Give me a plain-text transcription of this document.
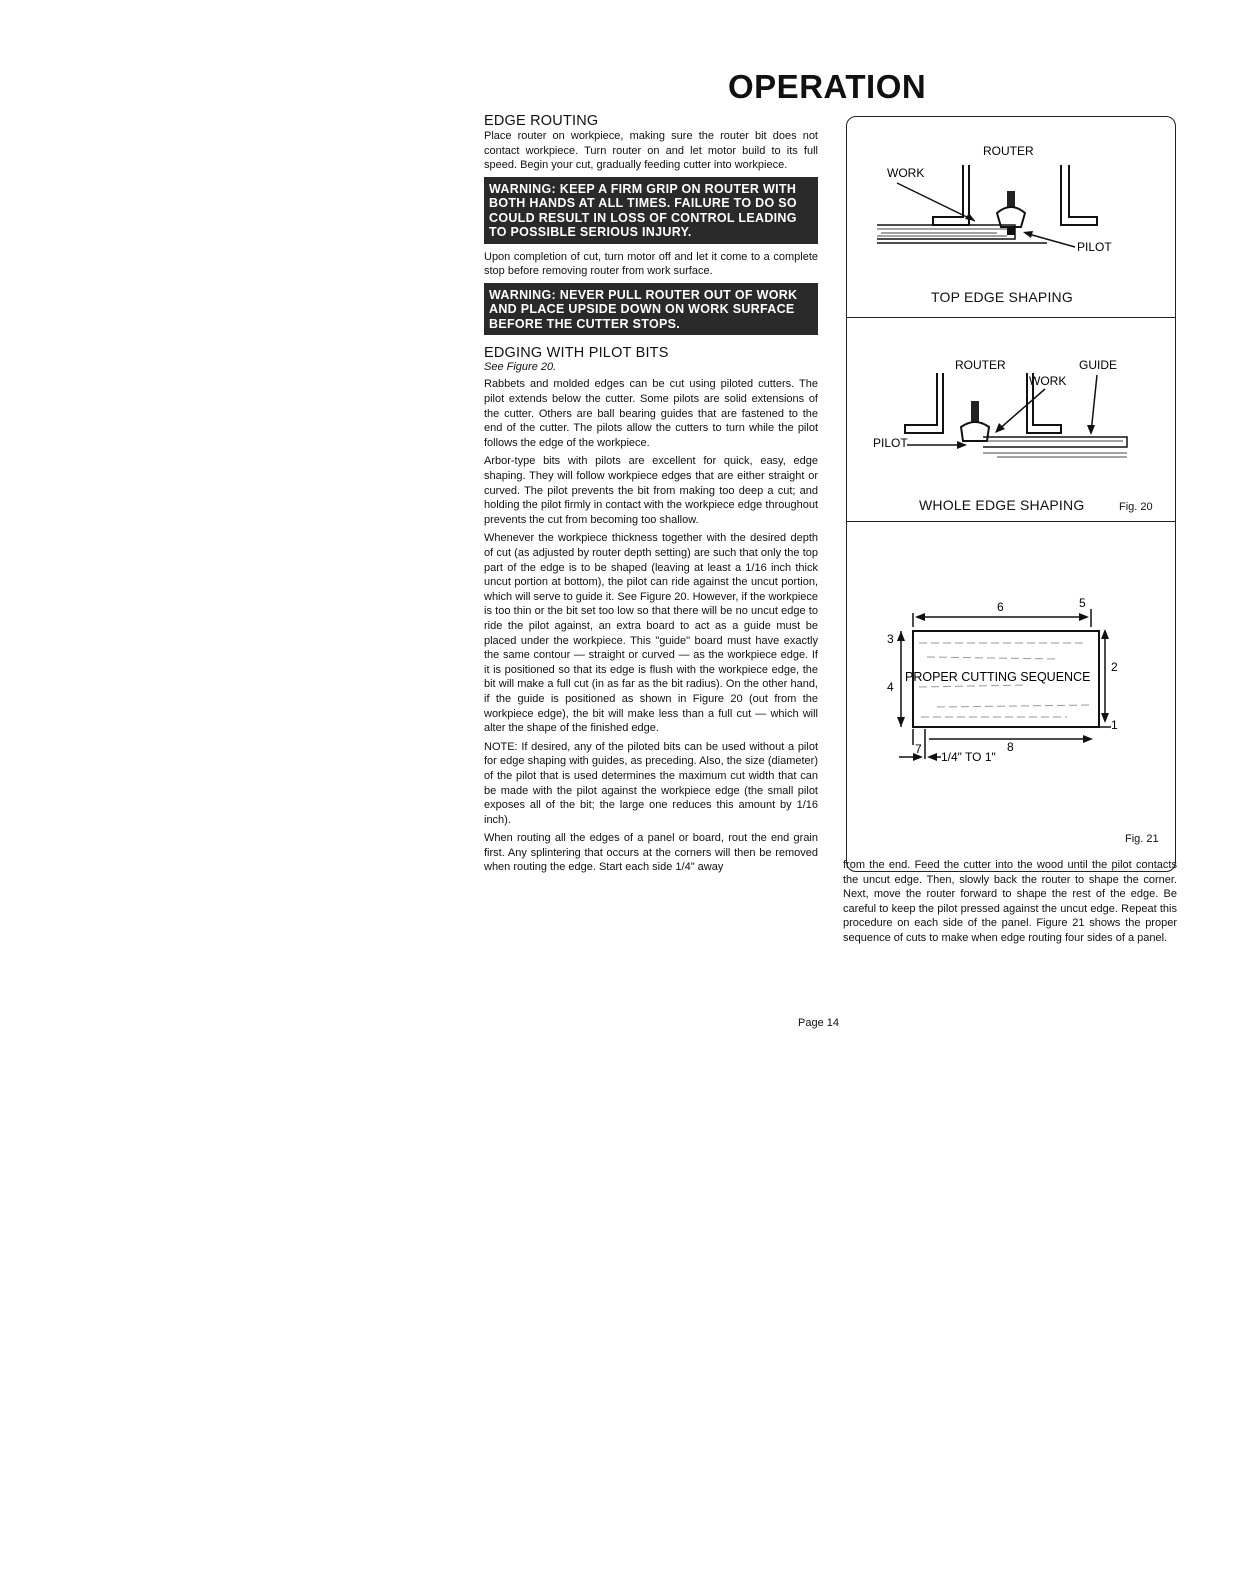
OPERATION
EDGE ROUTING

Place router on workpiece, making sure the router bit does not contact workpiece. Turn router on and let motor build to its full speed. Begin your cut, gradually feeding cutter into workpiece.

WARNING: KEEP A FIRM GRIP ON ROUTER WITH BOTH HANDS AT ALL TIMES. FAILURE TO DO SO COULD RESULT IN LOSS OF CONTROL LEADING TO POSSIBLE SERIOUS INJURY.

Upon completion of cut, turn motor off and let it come to a complete stop before removing router from work surface.

WARNING: NEVER PULL ROUTER OUT OF WORK AND PLACE UPSIDE DOWN ON WORK SURFACE BEFORE THE CUTTER STOPS.
EDGING WITH PILOT BITS
See Figure 20.

Rabbets and molded edges can be cut using piloted cutters. The pilot extends below the cutter. Some pilots are solid extensions of the cutter. Others are ball bearing guides that are fastened to the end of the cutter. The pilots allow the cutters to turn while the pilot follows the edge of the workpiece.

Arbor-type bits with pilots are excellent for quick, easy, edge shaping. They will follow workpiece edges that are either straight or curved. The pilot prevents the bit from making too deep a cut; and holding the pilot firmly in contact with the workpiece edge throughout prevents the cut from becoming too shallow.

Whenever the workpiece thickness together with the desired depth of cut (as adjusted by router depth setting) are such that only the top part of the edge is to be shaped (leaving at least a 1/16 inch thick uncut portion at bottom), the pilot can ride against the uncut portion, which will serve to guide it. See Figure 20. However, if the workpiece is too thin or the bit set too low so that there will be no uncut edge to ride the pilot against, an extra board to act as a guide must be placed under the workpiece. This "guide" board must have exactly the same contour — straight or curved — as the workpiece edge. If it is positioned so that its edge is flush with the workpiece edge, the bit will make a full cut (in as far as the bit radius). On the other hand, if the guide is positioned as shown in Figure 20 (out from the workpiece edge), the bit will make less than a full cut — which will alter the shape of the finished edge.

NOTE: If desired, any of the piloted bits can be used without a pilot for edge shaping with guides, as preceding. Also, the size (diameter) of the pilot that is used determines the maximum cut width that can be made with the pilot against the workpiece edge (the small pilot exposes all of the bit; the large one reduces this amount by 1/16 inch).

When routing all the edges of a panel or board, rout the end grain first. Any splintering that occurs at the corners will then be removed when routing the edge. Start each side 1/4" away

ROUTER
WORK
PILOT
TOP EDGE SHAPING
ROUTER
WORK
GUIDE
PILOT
WHOLE EDGE SHAPING	Fig. 20
PROPER CUTTING SEQUENCE
6	5
2
1
3
4
7	8
1/4" TO 1"
Fig. 21

from the end. Feed the cutter into the wood until the pilot contacts the uncut edge. Then, slowly back the router to shape the corner. Next, move the router forward to shape the rest of the edge. Be careful to keep the pilot pressed against the uncut edge. Repeat this procedure on each side of the panel. Figure 21 shows the proper sequence of cuts to make when edge routing four sides of a panel.

Page 14
